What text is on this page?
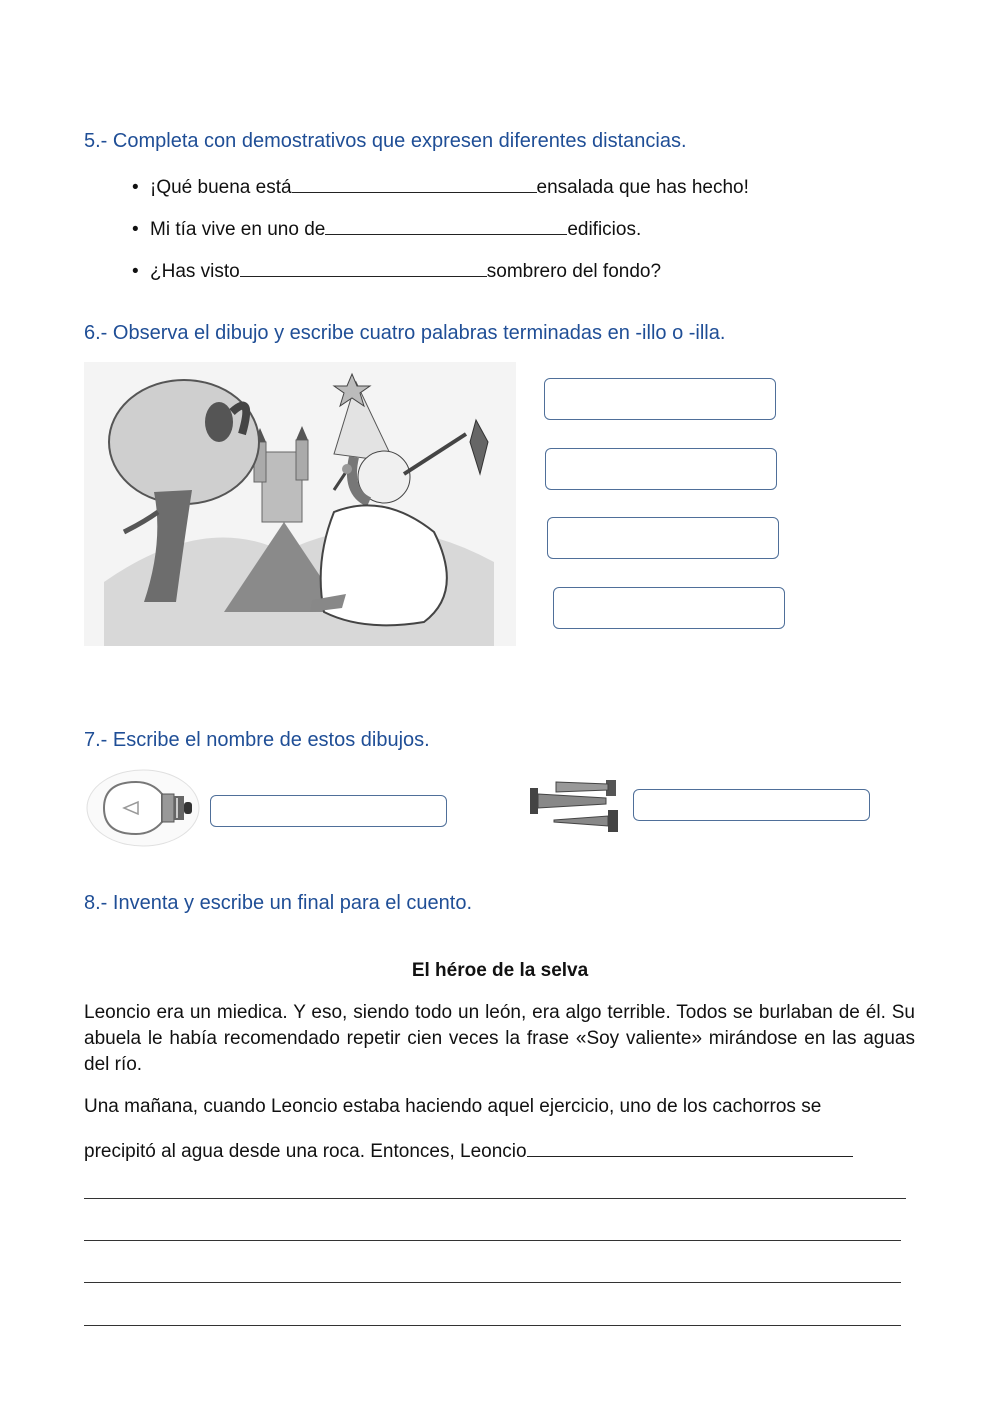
5.- Completa con demostrativos que expresen diferentes distancias.
• ¡Qué buena está	ensalada que has hecho!
• Mi tía vive en uno de	edificios.
• ¿Has visto	sombrero del fondo?
6.- Observa el dibujo y escribe cuatro palabras terminadas en -illo o -illa.
7.- Escribe el nombre de estos dibujos.
8.- Inventa y escribe un final para el cuento.
El héroe de la selva
Leoncio era un miedica. Y eso, siendo todo un león, era algo terrible. Todos se burlaban de él. Su abuela le había recomendado repetir cien veces la frase «Soy valiente» mirándose en las aguas del río.
Una mañana, cuando Leoncio estaba haciendo aquel ejercicio, uno de los cachorros se
precipitó al agua desde una roca. Entonces, Leoncio
